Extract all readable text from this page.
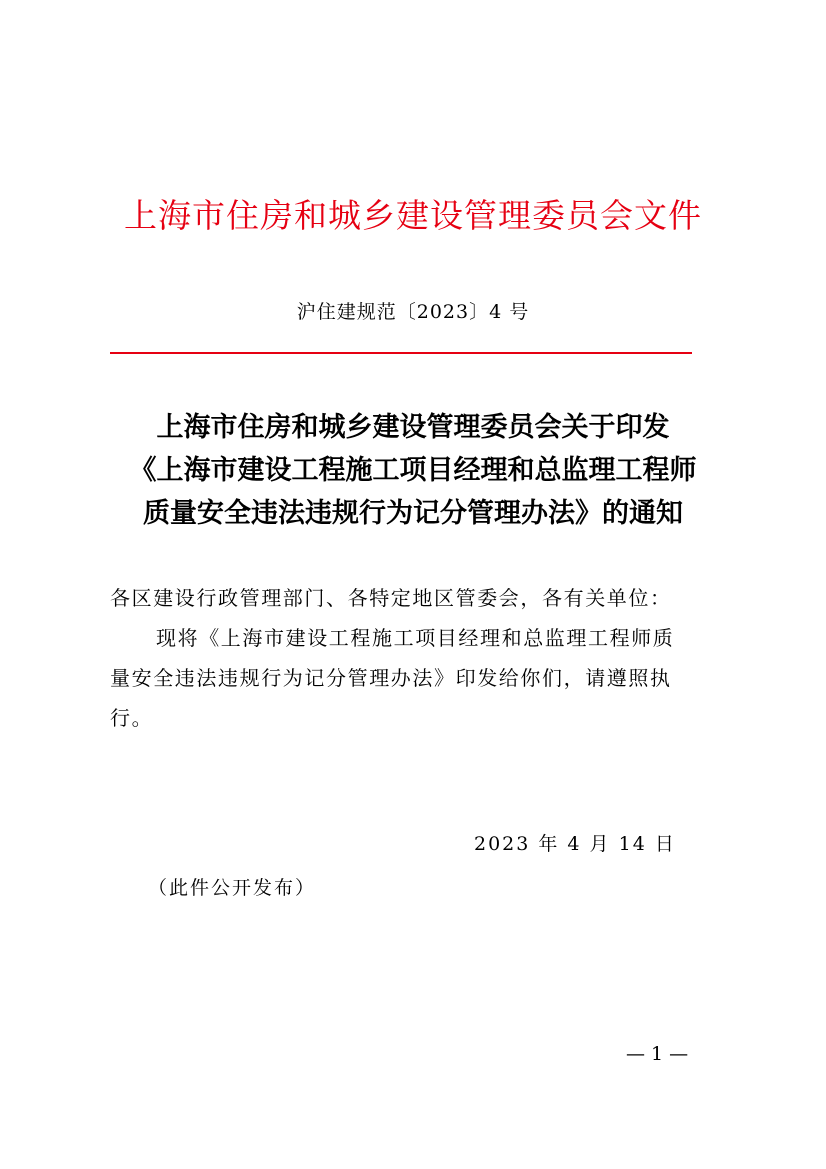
上海市住房和城乡建设管理委员会文件
沪住建规范〔2023〕4 号
上海市住房和城乡建设管理委员会关于印发
《上海市建设工程施工项目经理和总监理工程师
质量安全违法违规行为记分管理办法》的通知
各区建设行政管理部门、各特定地区管委会，各有关单位：
现将《上海市建设工程施工项目经理和总监理工程师质
量安全违法违规行为记分管理办法》印发给你们，请遵照执
行。
2023 年 4 月 14 日
（此件公开发布）
— 1 —
